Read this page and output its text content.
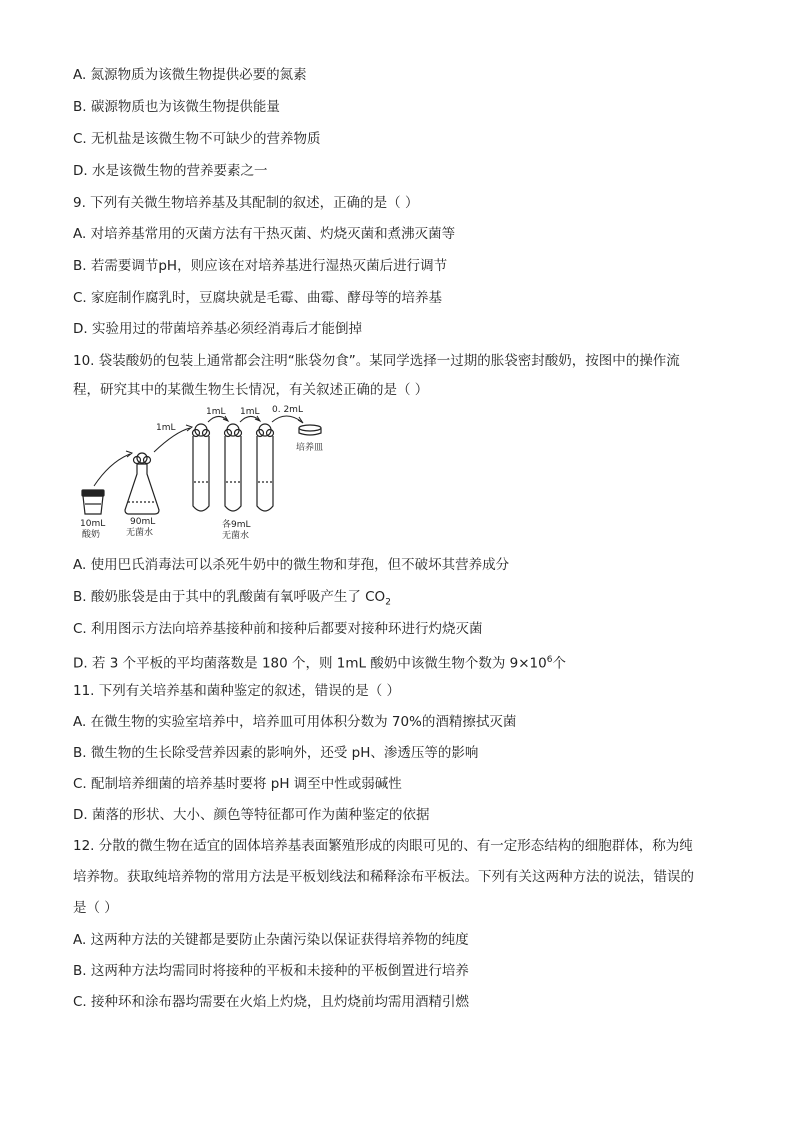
A. 氮源物质为该微生物提供必要的氮素
B. 碳源物质也为该微生物提供能量
C. 无机盐是该微生物不可缺少的营养物质
D. 水是该微生物的营养要素之一
9. 下列有关微生物培养基及其配制的叙述，正确的是（ ）
A. 对培养基常用的灭菌方法有干热灭菌、灼烧灭菌和煮沸灭菌等
B. 若需要调节pH，则应该在对培养基进行湿热灭菌后进行调节
C. 家庭制作腐乳时，豆腐块就是毛霉、曲霉、酵母等的培养基
D. 实验用过的带菌培养基必须经消毒后才能倒掉
10. 袋装酸奶的包装上通常都会注明“胀袋勿食”。某同学选择一过期的胀袋密封酸奶，按图中的操作流
程，研究其中的某微生物生长情况，有关叙述正确的是（ ）
1mL
1mL 1mL 0. 2mL
培养皿
10mL
酸奶
90mL
无菌水
各9mL
无菌水
A. 使用巴氏消毒法可以杀死牛奶中的微生物和芽孢，但不破坏其营养成分
B. 酸奶胀袋是由于其中的乳酸菌有氧呼吸产生了 $CO_2$
C. 利用图示方法向培养基接种前和接种后都要对接种环进行灼烧灭菌
D. 若 3 个平板的平均菌落数是 180 个，则 1mL 酸奶中该微生物个数为 $9\times 10^6$个
11. 下列有关培养基和菌种鉴定的叙述，错误的是（ ）
A. 在微生物的实验室培养中，培养皿可用体积分数为 70%的酒精擦拭灭菌
B. 微生物的生长除受营养因素的影响外，还受 pH、渗透压等的影响
C. 配制培养细菌的培养基时要将 pH 调至中性或弱碱性
D. 菌落的形状、大小、颜色等特征都可作为菌种鉴定的依据
12. 分散的微生物在适宜的固体培养基表面繁殖形成的肉眼可见的、有一定形态结构的细胞群体，称为纯
培养物。获取纯培养物的常用方法是平板划线法和稀释涂布平板法。下列有关这两种方法的说法，错误的
是（ ）
A. 这两种方法的关键都是要防止杂菌污染以保证获得培养物的纯度
B. 这两种方法均需同时将接种的平板和未接种的平板倒置进行培养
C. 接种环和涂布器均需要在火焰上灼烧，且灼烧前均需用酒精引燃
